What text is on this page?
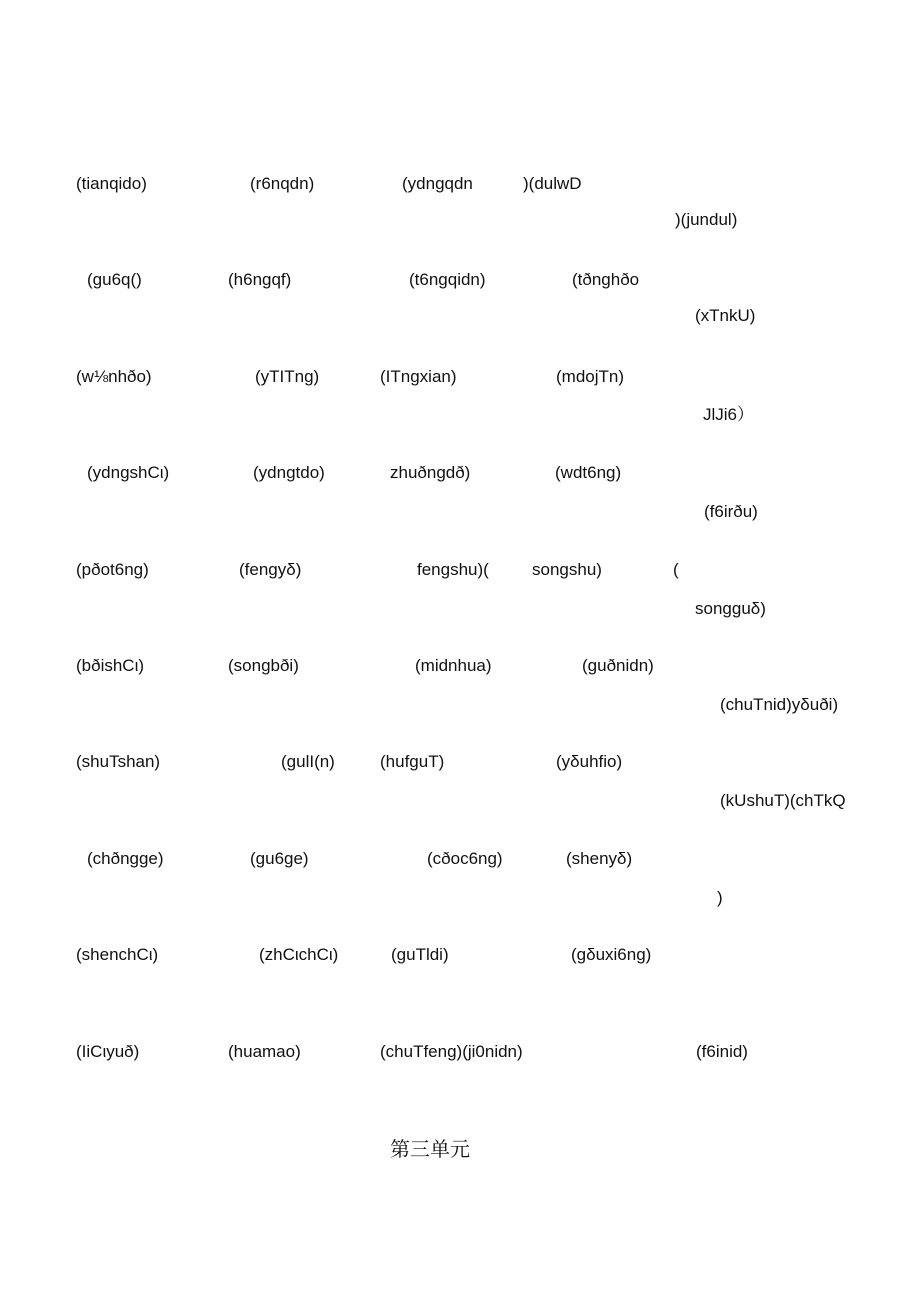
(tianqido)	(r6nqdn)	(ydngqdn	)(dulwD
)(jundul)
(gu6q()	(h6ngqf)	(t6ngqidn)	(tðnghðo
(xTnkU)
(w⅛nhðo)	(yTITng)	(ITngxian)	(mdojTn)
JlJi6）
(ydngshCι)	(ydngtdo)	zhuðngdð)	(wdt6ng)
(f6irðu)
(pðot6ng)	(fengyδ)	fengshu)(	songshu)	(
songguδ)
(bðishCι)	(songbði)	(midnhua)	(guðnidn)
(chuTnid)yδuði)
(shuTshan)	(gulI(n)	(hufguT)	(yδuhfio)
(kUshuT)(chTkQ
(chðngge)	(gu6ge)	(cðoc6ng)	(shenyδ)
)
(shenchCι)	(zhCιchCι)	(guTldi)	(gδuxi6ng)
(IiCιyuð)	(huamao)	(chuTfeng)(ji0nidn)	(f6inid)
第三单元
